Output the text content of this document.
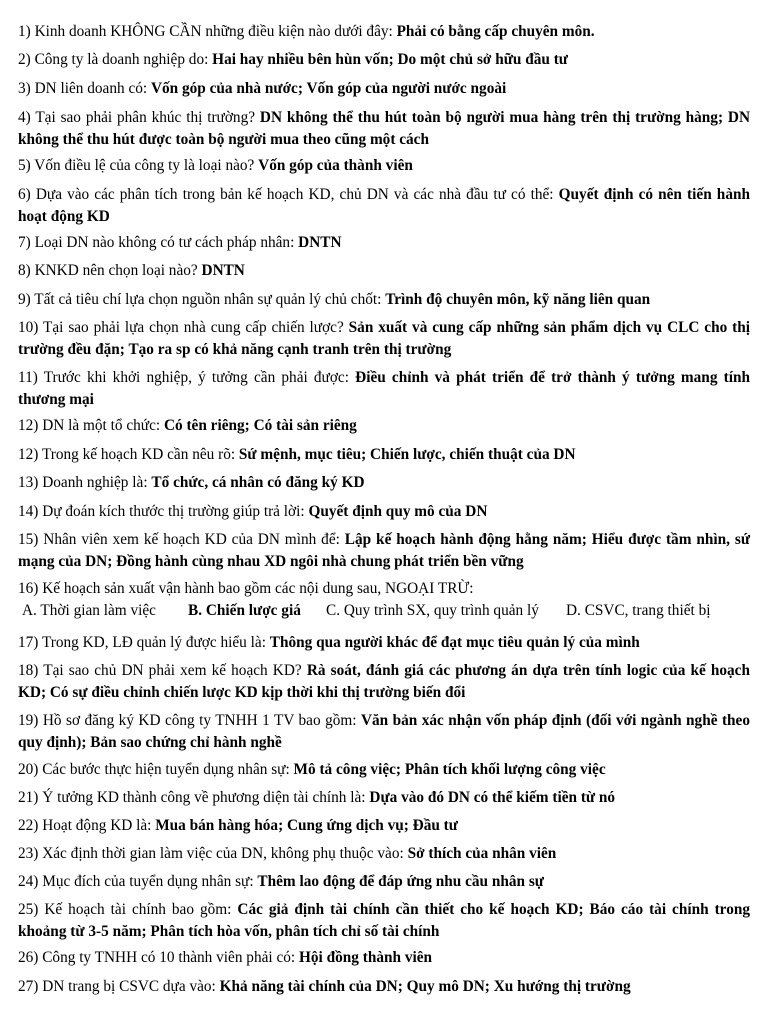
1) Kinh doanh KHÔNG CẦN những điều kiện nào dưới đây: Phải có bằng cấp chuyên môn.

2) Công ty là doanh nghiệp do: Hai hay nhiều bên hùn vốn; Do một chủ sở hữu đầu tư

3) DN liên doanh có: Vốn góp của nhà nước; Vốn góp của người nước ngoài

4) Tại sao phải phân khúc thị trường? DN không thể thu hút toàn bộ người mua hàng trên thị trường hàng; DN không thể thu hút được toàn bộ người mua theo cũng một cách

5) Vốn điều lệ của công ty là loại nào? Vốn góp của thành viên

6) Dựa vào các phân tích trong bản kế hoạch KD, chủ DN và các nhà đầu tư có thể: Quyết định có nên tiến hành hoạt động KD

7) Loại DN nào không có tư cách pháp nhân: DNTN

8) KNKD nên chọn loại nào? DNTN

9) Tất cả tiêu chí lựa chọn nguồn nhân sự quản lý chủ chốt: Trình độ chuyên môn, kỹ năng liên quan

10) Tại sao phải lựa chọn nhà cung cấp chiến lược? Sản xuất và cung cấp những sản phẩm dịch vụ CLC cho thị trường đều đặn; Tạo ra sp có khả năng cạnh tranh trên thị trường

11) Trước khi khởi nghiệp, ý tưởng cần phải được: Điều chỉnh và phát triển để trở thành ý tưởng mang tính thương mại

12) DN là một tổ chức: Có tên riêng; Có tài sản riêng

12) Trong kế hoạch KD cần nêu rõ: Sứ mệnh, mục tiêu; Chiến lược, chiến thuật của DN

13) Doanh nghiệp là: Tổ chức, cá nhân có đăng ký KD

14) Dự đoán kích thước thị trường giúp trả lời: Quyết định quy mô của DN

15) Nhân viên xem kế hoạch KD của DN mình để: Lập kế hoạch hành động hằng năm; Hiểu được tầm nhìn, sứ mạng của DN; Đồng hành cùng nhau XD ngôi nhà chung phát triển bền vững

16) Kế hoạch sản xuất vận hành bao gồm các nội dung sau, NGOẠI TRỪ:

A. Thời gian làm việc	B. Chiến lược giá	C. Quy trình SX, quy trình quản lý	D. CSVC, trang thiết bị

17) Trong KD, LĐ quản lý được hiểu là: Thông qua người khác để đạt mục tiêu quản lý của mình

18) Tại sao chủ DN phải xem kế hoạch KD? Rà soát, đánh giá các phương án dựa trên tính logic của kế hoạch KD; Có sự điều chỉnh chiến lược KD kịp thời khi thị trường biến đổi

19) Hồ sơ đăng ký KD công ty TNHH 1 TV bao gồm: Văn bản xác nhận vốn pháp định (đối với ngành nghề theo quy định); Bản sao chứng chỉ hành nghề

20) Các bước thực hiện tuyển dụng nhân sự: Mô tả công việc; Phân tích khối lượng công việc

21) Ý tưởng KD thành công về phương diện tài chính là: Dựa vào đó DN có thể kiếm tiền từ nó

22) Hoạt động KD là: Mua bán hàng hóa; Cung ứng dịch vụ; Đầu tư

23) Xác định thời gian làm việc của DN, không phụ thuộc vào: Sở thích của nhân viên

24) Mục đích của tuyển dụng nhân sự: Thêm lao động để đáp ứng nhu cầu nhân sự

25) Kế hoạch tài chính bao gồm: Các giả định tài chính cần thiết cho kế hoạch KD; Báo cáo tài chính trong khoảng từ 3-5 năm; Phân tích hòa vốn, phân tích chỉ số tài chính

26) Công ty TNHH có 10 thành viên phải có: Hội đồng thành viên

27) DN trang bị CSVC dựa vào: Khả năng tài chính của DN; Quy mô DN; Xu hướng thị trường
